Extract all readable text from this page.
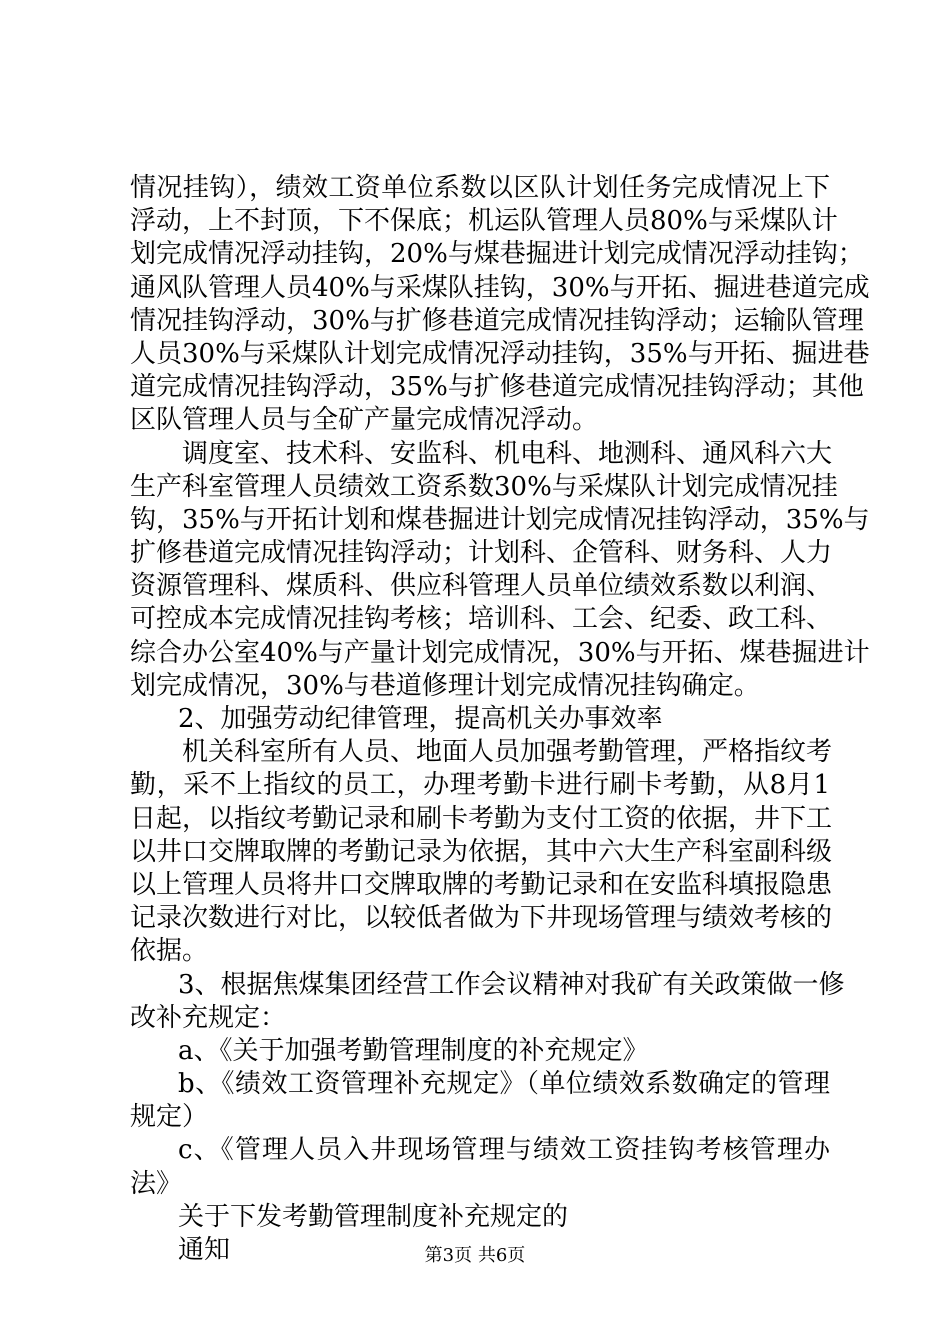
情况挂钩），绩效工资单位系数以区队计划任务完成情况上下
浮动，上不封顶，下不保底；机运队管理人员80%与采煤队计
划完成情况浮动挂钩，20%与煤巷掘进计划完成情况浮动挂钩；
通风队管理人员40%与采煤队挂钩，30%与开拓、掘进巷道完成
情况挂钩浮动，30%与扩修巷道完成情况挂钩浮动；运输队管理
人员30%与采煤队计划完成情况浮动挂钩，35%与开拓、掘进巷
道完成情况挂钩浮动，35%与扩修巷道完成情况挂钩浮动；其他
区队管理人员与全矿产量完成情况浮动。
调度室、技术科、安监科、机电科、地测科、通风科六大
生产科室管理人员绩效工资系数30%与采煤队计划完成情况挂
钩，35%与开拓计划和煤巷掘进计划完成情况挂钩浮动，35%与
扩修巷道完成情况挂钩浮动；计划科、企管科、财务科、人力
资源管理科、煤质科、供应科管理人员单位绩效系数以利润、
可控成本完成情况挂钩考核；培训科、工会、纪委、政工科、
综合办公室40%与产量计划完成情况，30%与开拓、煤巷掘进计
划完成情况，30%与巷道修理计划完成情况挂钩确定。
2、加强劳动纪律管理，提高机关办事效率
机关科室所有人员、地面人员加强考勤管理，严格指纹考
勤，采不上指纹的员工，办理考勤卡进行刷卡考勤，从8月1
日起，以指纹考勤记录和刷卡考勤为支付工资的依据，井下工
以井口交牌取牌的考勤记录为依据，其中六大生产科室副科级
以上管理人员将井口交牌取牌的考勤记录和在安监科填报隐患
记录次数进行对比，以较低者做为下井现场管理与绩效考核的
依据。
3、根据焦煤集团经营工作会议精神对我矿有关政策做一修
改补充规定：
a、《关于加强考勤管理制度的补充规定》
b、《绩效工资管理补充规定》（单位绩效系数确定的管理
规定）
c、《管理人员入井现场管理与绩效工资挂钩考核管理办
法》
关于下发考勤管理制度补充规定的
通知	第3页 共6页
